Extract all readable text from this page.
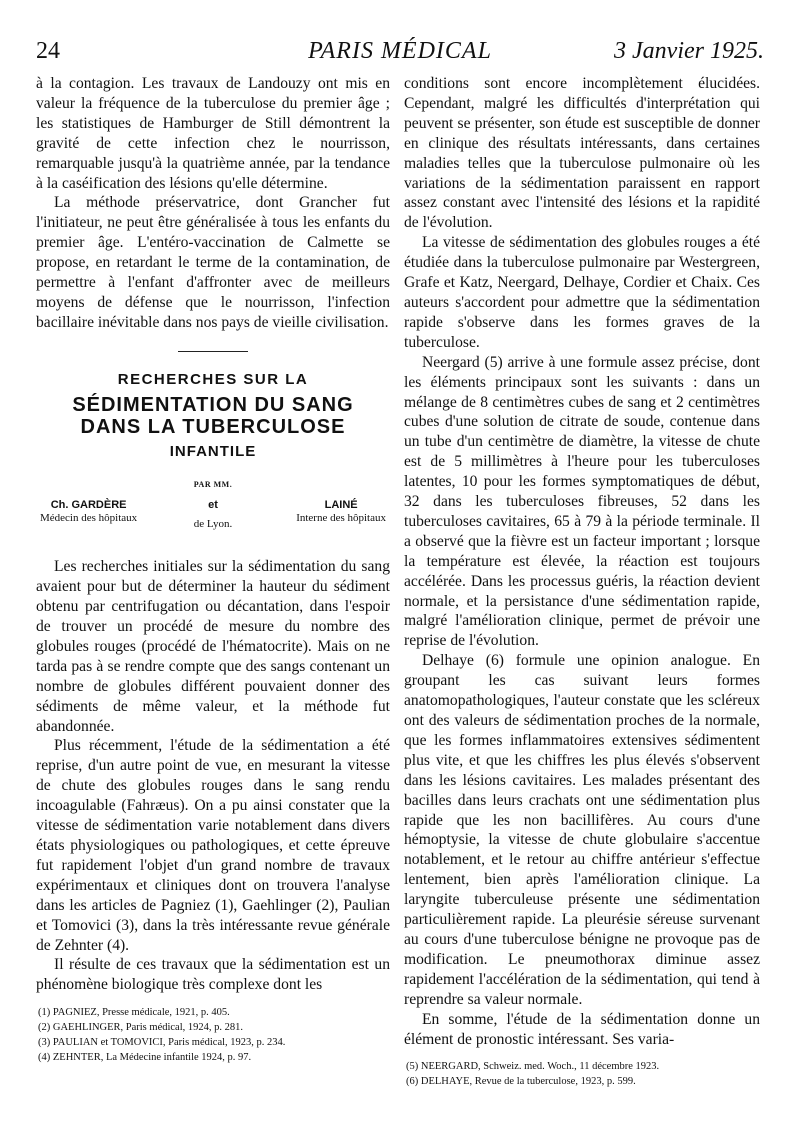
24	PARIS MÉDICAL	3 Janvier 1925.

à la contagion. Les travaux de Landouzy ont mis en valeur la fréquence de la tuberculose du premier âge ; les statistiques de Hamburger de Still démontrent la gravité de cette infection chez le nourrisson, remarquable jusqu'à la quatrième année, par la tendance à la caséification des lésions qu'elle détermine.

La méthode préservatrice, dont Grancher fut l'initiateur, ne peut être généralisée à tous les enfants du premier âge. L'entéro-vaccination de Calmette se propose, en retardant le terme de la contamination, de permettre à l'enfant d'affronter avec de meilleurs moyens de défense que le nourrisson, l'infection bacillaire inévitable dans nos pays de vieille civilisation.

RECHERCHES SUR LA
SÉDIMENTATION DU SANG
DANS LA TUBERCULOSE
INFANTILE
PAR MM.
Ch. GARDÈRE
Médecin des hôpitaux
et
de Lyon.
LAINÉ
Interne des hôpitaux

Les recherches initiales sur la sédimentation du sang avaient pour but de déterminer la hauteur du sédiment obtenu par centrifugation ou décantation, dans l'espoir de trouver un procédé de mesure du nombre des globules rouges (procédé de l'hématocrite). Mais on ne tarda pas à se rendre compte que des sangs contenant un nombre de globules différent pouvaient donner des sédiments de même valeur, et la méthode fut abandonnée.

Plus récemment, l'étude de la sédimentation a été reprise, d'un autre point de vue, en mesurant la vitesse de chute des globules rouges dans le sang rendu incoagulable (Fahræus). On a pu ainsi constater que la vitesse de sédimentation varie notablement dans divers états physiologiques ou pathologiques, et cette épreuve fut rapidement l'objet d'un grand nombre de travaux expérimentaux et cliniques dont on trouvera l'analyse dans les articles de Pagniez (1), Gaehlinger (2), Paulian et Tomovici (3), dans la très intéressante revue générale de Zehnter (4).

Il résulte de ces travaux que la sédimentation est un phénomène biologique très complexe dont les

(1) PAGNIEZ, Presse médicale, 1921, p. 405.

(2) GAEHLINGER, Paris médical, 1924, p. 281.

(3) PAULIAN et TOMOVICI, Paris médical, 1923, p. 234.

(4) ZEHNTER, La Médecine infantile 1924, p. 97.

conditions sont encore incomplètement élucidées. Cependant, malgré les difficultés d'interprétation qui peuvent se présenter, son étude est susceptible de donner en clinique des résultats intéressants, dans certaines maladies telles que la tuberculose pulmonaire où les variations de la sédimentation paraissent en rapport assez constant avec l'intensité des lésions et la rapidité de l'évolution.

La vitesse de sédimentation des globules rouges a été étudiée dans la tuberculose pulmonaire par Westergreen, Grafe et Katz, Neergard, Delhaye, Cordier et Chaix. Ces auteurs s'accordent pour admettre que la sédimentation rapide s'observe dans les formes graves de la tuberculose.

Neergard (5) arrive à une formule assez précise, dont les éléments principaux sont les suivants : dans un mélange de 8 centimètres cubes de sang et 2 centimètres cubes d'une solution de citrate de soude, contenue dans un tube d'un centimètre de diamètre, la vitesse de chute est de 5 millimètres à l'heure pour les tuberculoses latentes, 10 pour les formes symptomatiques de début, 32 dans les tuberculoses fibreuses, 52 dans les tuberculoses cavitaires, 65 à 79 à la période terminale. Il a observé que la fièvre est un facteur important ; lorsque la température est élevée, la réaction est toujours accélérée. Dans les processus guéris, la réaction devient normale, et la persistance d'une sédimentation rapide, malgré l'amélioration clinique, permet de prévoir une reprise de l'évolution.

Delhaye (6) formule une opinion analogue. En groupant les cas suivant leurs formes anatomopathologiques, l'auteur constate que les scléreux ont des valeurs de sédimentation proches de la normale, que les formes inflammatoires extensives sédimentent plus vite, et que les chiffres les plus élevés s'observent dans les lésions cavitaires. Les malades présentant des bacilles dans leurs crachats ont une sédimentation plus rapide que les non bacillifères. Au cours d'une hémoptysie, la vitesse de chute globulaire s'accentue notablement, et le retour au chiffre antérieur s'effectue lentement, bien après l'amélioration clinique. La laryngite tuberculeuse présente une sédimentation particulièrement rapide. La pleurésie séreuse survenant au cours d'une tuberculose bénigne ne provoque pas de modification. Le pneumothorax diminue assez rapidement l'accélération de la sédimentation, qui tend à reprendre sa valeur normale.

En somme, l'étude de la sédimentation donne un élément de pronostic intéressant. Ses varia-

(5) NEERGARD, Schweiz. med. Woch., 11 décembre 1923.

(6) DELHAYE, Revue de la tuberculose, 1923, p. 599.
